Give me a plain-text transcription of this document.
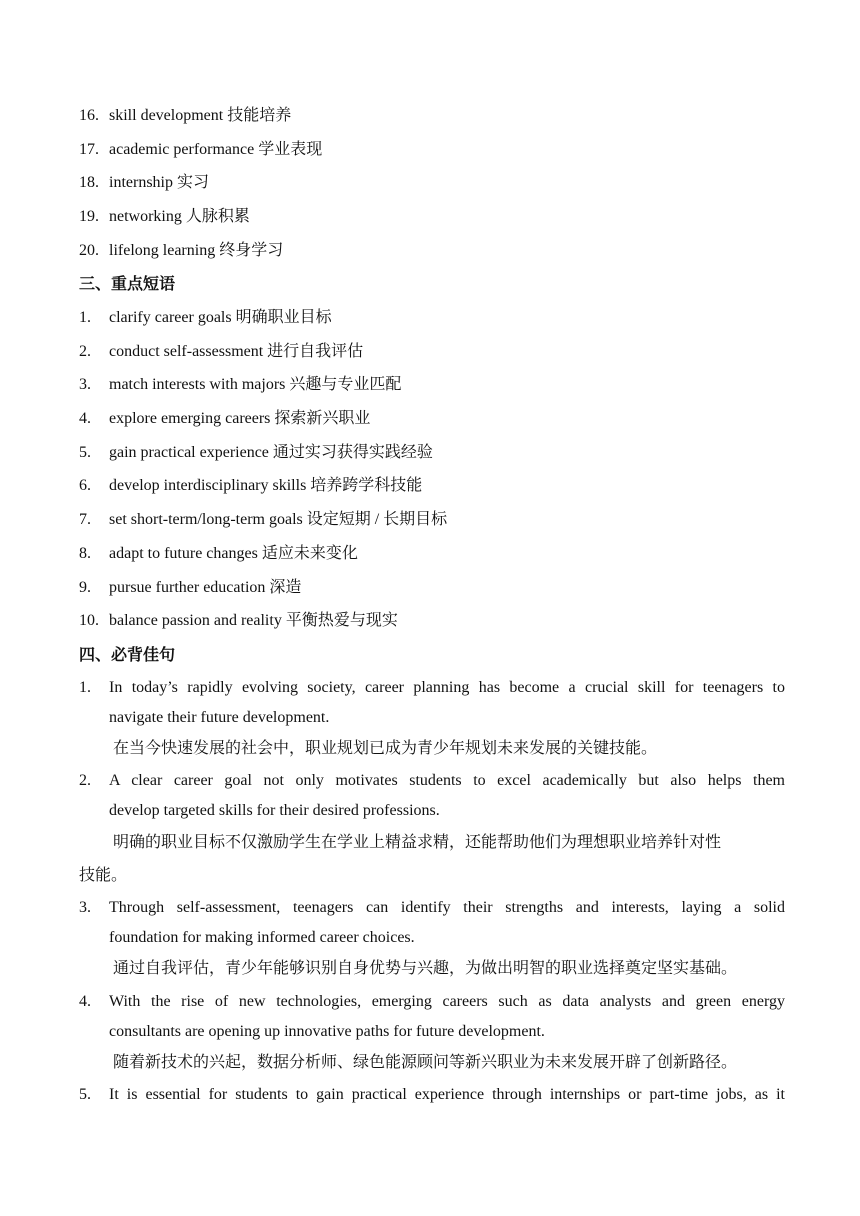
16. skill development 技能培养
17. academic performance 学业表现
18. internship 实习
19. networking 人脉积累
20. lifelong learning 终身学习
三、重点短语
1. clarify career goals 明确职业目标
2. conduct self-assessment 进行自我评估
3. match interests with majors 兴趣与专业匹配
4. explore emerging careers 探索新兴职业
5. gain practical experience 通过实习获得实践经验
6. develop interdisciplinary skills 培养跨学科技能
7. set short-term/long-term goals 设定短期 / 长期目标
8. adapt to future changes 适应未来变化
9. pursue further education 深造
10. balance passion and reality 平衡热爱与现实
四、必背佳句
1. In today’s rapidly evolving society, career planning has become a crucial skill for teenagers to
navigate their future development.
在当今快速发展的社会中，职业规划已成为青少年规划未来发展的关键技能。
2. A clear career goal not only motivates students to excel academically but also helps them
develop targeted skills for their desired professions.
明确的职业目标不仅激励学生在学业上精益求精，还能帮助他们为理想职业培养针对性
技能。
3. Through self-assessment, teenagers can identify their strengths and interests, laying a solid
foundation for making informed career choices.
通过自我评估，青少年能够识别自身优势与兴趣，为做出明智的职业选择奠定坚实基础。
4. With the rise of new technologies, emerging careers such as data analysts and green energy
consultants are opening up innovative paths for future development.
随着新技术的兴起，数据分析师、绿色能源顾问等新兴职业为未来发展开辟了创新路径。
5. It is essential for students to gain practical experience through internships or part-time jobs, as it
